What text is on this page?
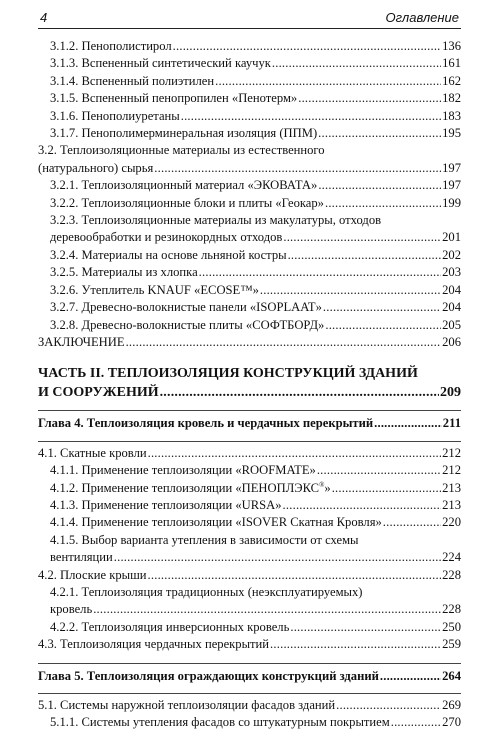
4	Оглавление
3.1.2. Пенополистирол .....	136
3.1.3. Вспененный синтетический каучук .....	161
3.1.4. Вспененный полиэтилен .....	162
3.1.5. Вспененный пенопропилен «Пенотерм» .....	182
3.1.6. Пенополиуретаны .....	183
3.1.7. Пенополимерминеральная изоляция (ППМ) .....	195
3.2. Теплоизоляционные материалы из естественного
(натурального) сырья .....	197
3.2.1. Теплоизоляционный материал «ЭКОВАТА» .....	197
3.2.2. Теплоизоляционные блоки и плиты «Геокар» .....	199
3.2.3. Теплоизоляционные материалы из макулатуры, отходов
деревообработки и резинокордных отходов .....	201
3.2.4. Материалы на основе льняной костры .....	202
3.2.5. Материалы из хлопка .....	203
3.2.6. Утеплитель KNAUF «ECOSE™» .....	204
3.2.7. Древесно-волокнистые панели «ISOPLAAT» .....	204
3.2.8. Древесно-волокнистые плиты «СОФТБОРД» .....	205
ЗАКЛЮЧЕНИЕ .....	206
ЧАСТЬ II. ТЕПЛОИЗОЛЯЦИЯ КОНСТРУКЦИЙ ЗДАНИЙ
И СООРУЖЕНИЙ .....	209
Глава 4. Теплоизоляция кровель и чердачных перекрытий .....	211
4.1. Скатные кровли .....	212
4.1.1. Применение теплоизоляции «ROOFMATE» .....	212
4.1.2. Применение теплоизоляции «ПЕНОПЛЭКС®» .....	213
4.1.3. Применение теплоизоляции «URSA» .....	213
4.1.4. Применение теплоизоляции «ISOVER Скатная Кровля» .....	220
4.1.5. Выбор варианта утепления в зависимости от схемы
вентиляции .....	224
4.2. Плоские крыши .....	228
4.2.1. Теплоизоляция традиционных (неэксплуатируемых)
кровель .....	228
4.2.2. Теплоизоляция инверсионных кровель .....	250
4.3. Теплоизоляция чердачных перекрытий .....	259
Глава 5. Теплоизоляция ограждающих конструкций зданий .....	264
5.1. Системы наружной теплоизоляции фасадов зданий .....	269
5.1.1. Системы утепления фасадов со штукатурным покрытием .....	270
